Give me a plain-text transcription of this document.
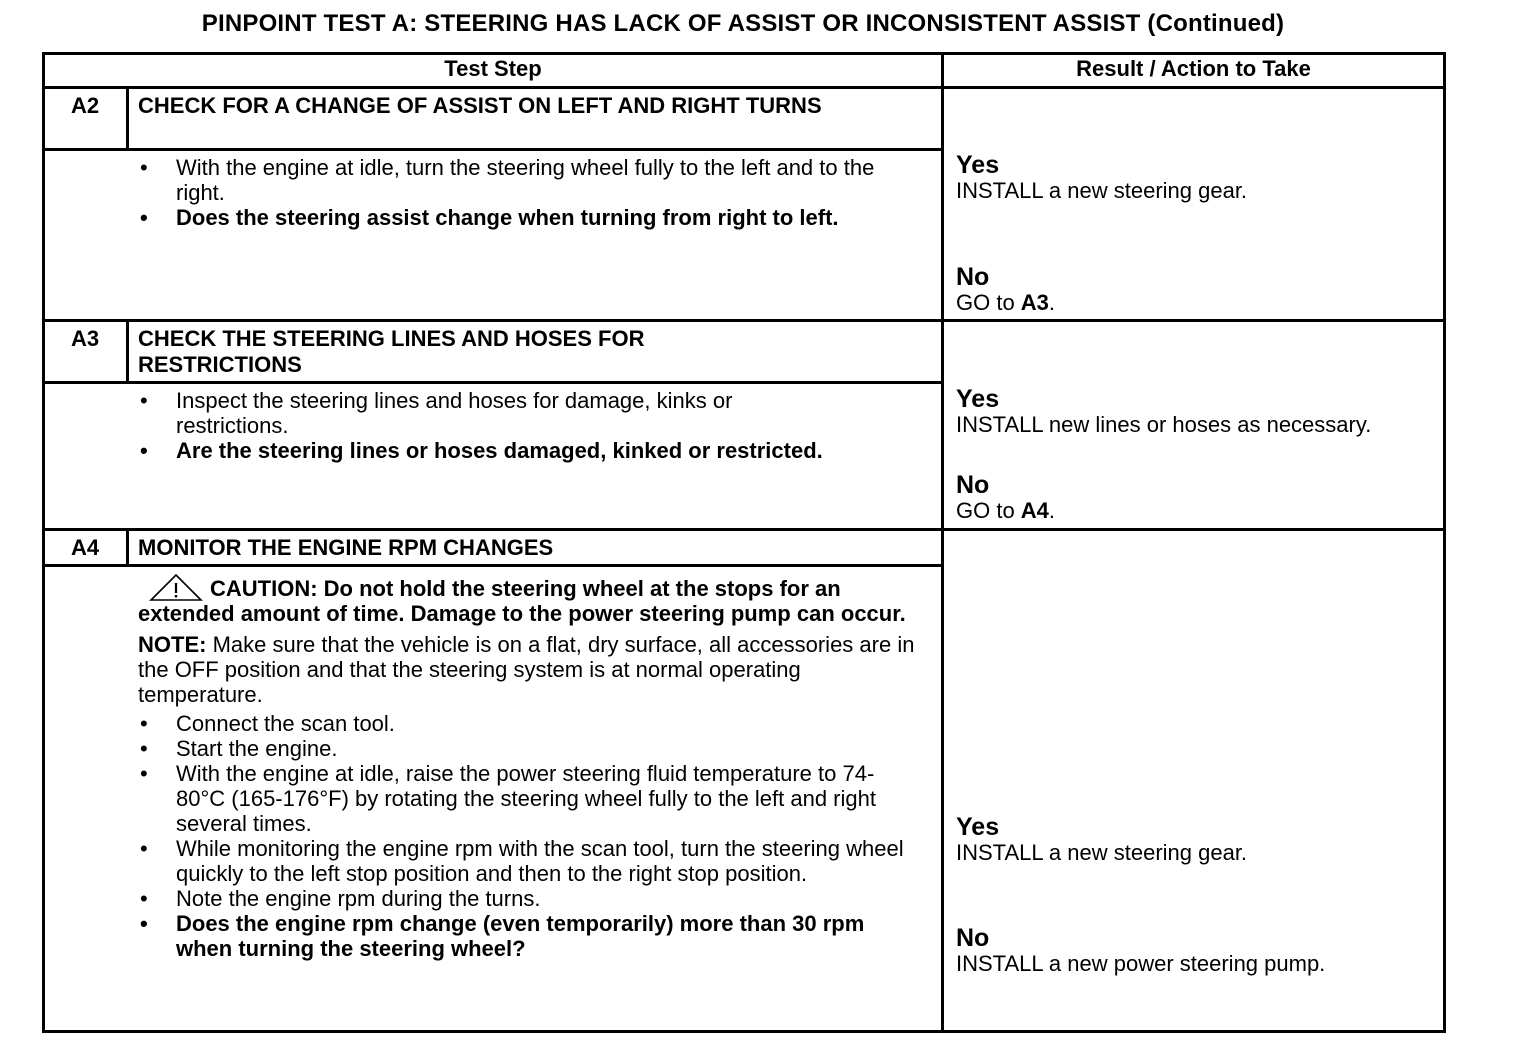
PINPOINT TEST A: STEERING HAS LACK OF ASSIST OR INCONSISTENT ASSIST (Continued)
Test Step	Result / Action to Take
A2	CHECK FOR A CHANGE OF ASSIST ON LEFT AND RIGHT TURNS
• With the engine at idle, turn the steering wheel fully to the left and to the right.
• Does the steering assist change when turning from right to left.
Yes
INSTALL a new steering gear.
No
GO to A3.
A3	CHECK THE STEERING LINES AND HOSES FOR RESTRICTIONS
• Inspect the steering lines and hoses for damage, kinks or restrictions.
• Are the steering lines or hoses damaged, kinked or restricted.
Yes
INSTALL new lines or hoses as necessary.
No
GO to A4.
A4	MONITOR THE ENGINE RPM CHANGES
CAUTION: Do not hold the steering wheel at the stops for an extended amount of time. Damage to the power steering pump can occur.
NOTE: Make sure that the vehicle is on a flat, dry surface, all accessories are in the OFF position and that the steering system is at normal operating temperature.
• Connect the scan tool.
• Start the engine.
• With the engine at idle, raise the power steering fluid temperature to 74-80°C (165-176°F) by rotating the steering wheel fully to the left and right several times.
• While monitoring the engine rpm with the scan tool, turn the steering wheel quickly to the left stop position and then to the right stop position.
• Note the engine rpm during the turns.
• Does the engine rpm change (even temporarily) more than 30 rpm when turning the steering wheel?
Yes
INSTALL a new steering gear.
No
INSTALL a new power steering pump.
